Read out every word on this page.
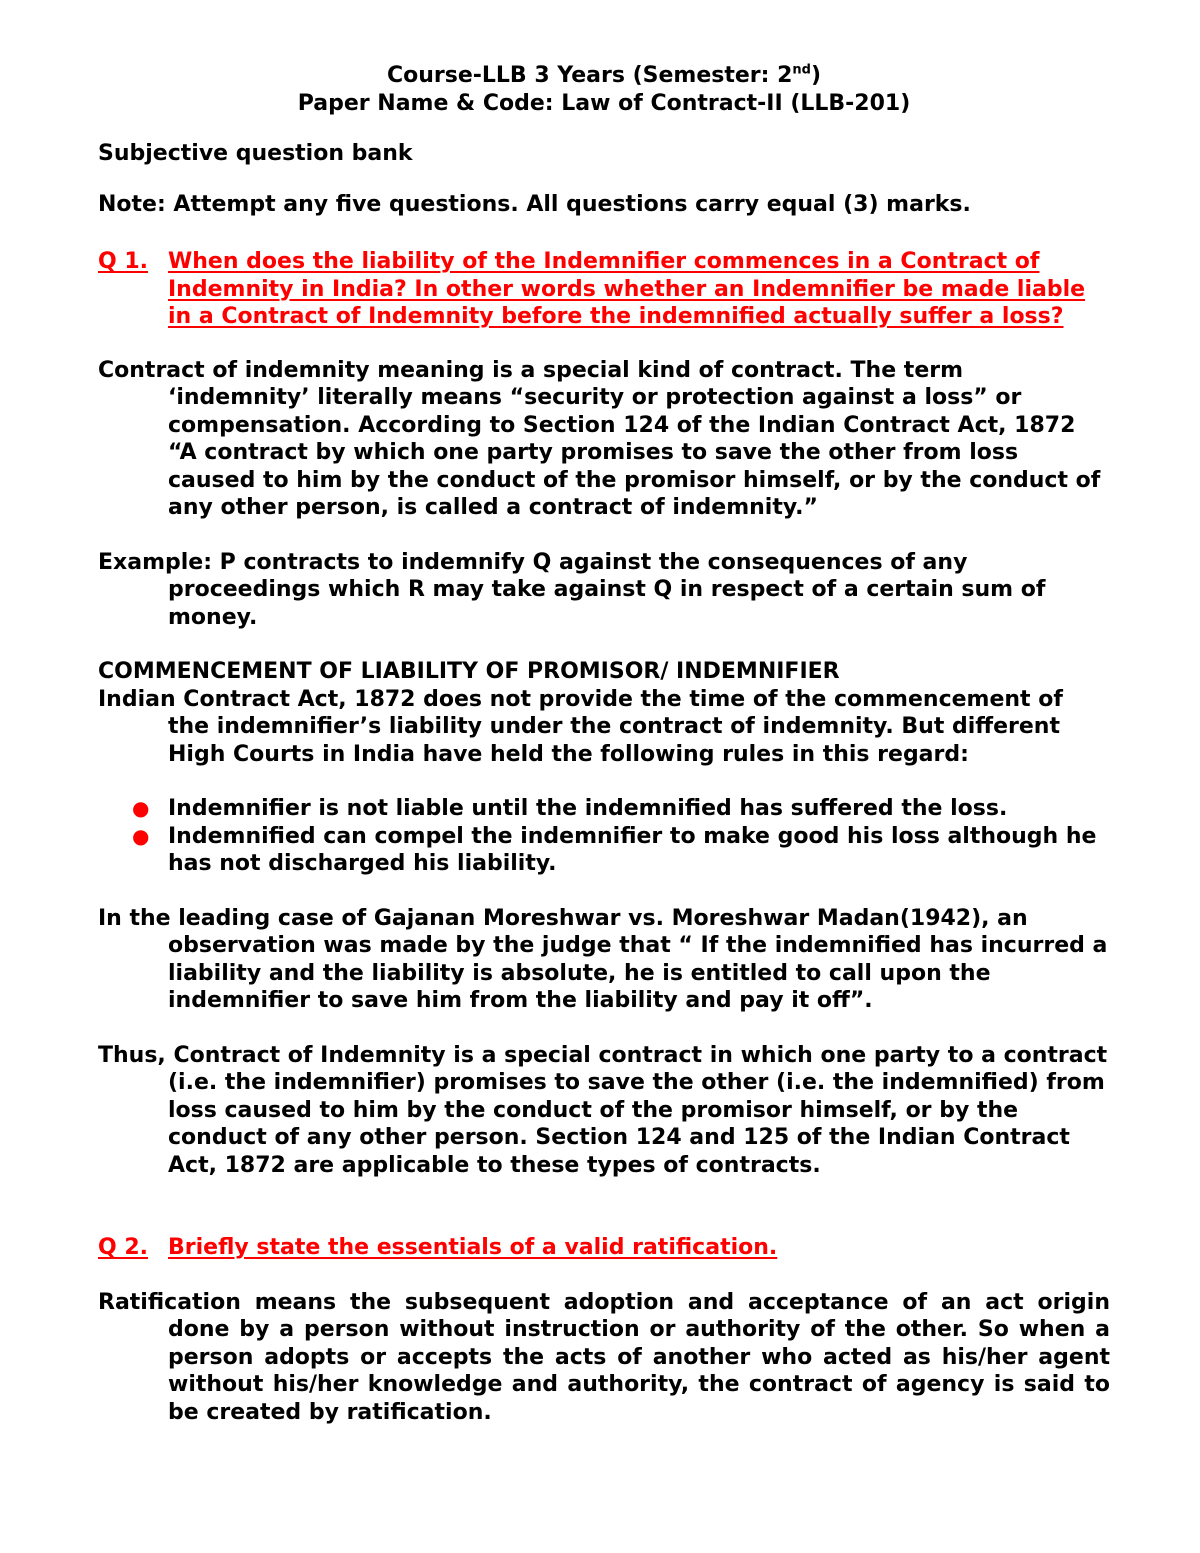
Course-LLB 3 Years (Semester: 2nd)

Paper Name & Code: Law of Contract-II (LLB-201)

Subjective question bank

Note: Attempt any five questions. All questions carry equal (3) marks.

Q 1. When does the liability of the Indemnifier commences in a Contract of Indemnity in India? In other words whether an Indemnifier be made liable in a Contract of Indemnity before the indemnified actually suffer a loss?

Contract of indemnity meaning is a special kind of contract. The term ‘indemnity’ literally means “security or protection against a loss” or compensation. According to Section 124 of the Indian Contract Act, 1872 “A contract by which one party promises to save the other from loss caused to him by the conduct of the promisor himself, or by the conduct of any other person, is called a contract of indemnity.”

Example: P contracts to indemnify Q against the consequences of any proceedings which R may take against Q in respect of a certain sum of money.

COMMENCEMENT OF LIABILITY OF PROMISOR/ INDEMNIFIER

Indian Contract Act, 1872 does not provide the time of the commencement of the indemnifier’s liability under the contract of indemnity. But different High Courts in India have held the following rules in this regard:

● Indemnifier is not liable until the indemnified has suffered the loss.
● Indemnified can compel the indemnifier to make good his loss although he has not discharged his liability.

In the leading case of Gajanan Moreshwar vs. Moreshwar Madan(1942), an observation was made by the judge that “ If the indemnified has incurred a liability and the liability is absolute, he is entitled to call upon the indemnifier to save him from the liability and pay it off”.

Thus, Contract of Indemnity is a special contract in which one party to a contract (i.e. the indemnifier) promises to save the other (i.e. the indemnified) from loss caused to him by the conduct of the promisor himself, or by the conduct of any other person. Section 124 and 125 of the Indian Contract Act, 1872 are applicable to these types of contracts.

Q 2. Briefly state the essentials of a valid ratification.

Ratification means the subsequent adoption and acceptance of an act origin done by a person without instruction or authority of the other. So when a person adopts or accepts the acts of another who acted as his/her agent without his/her knowledge and authority, the contract of agency is said to be created by ratification.
